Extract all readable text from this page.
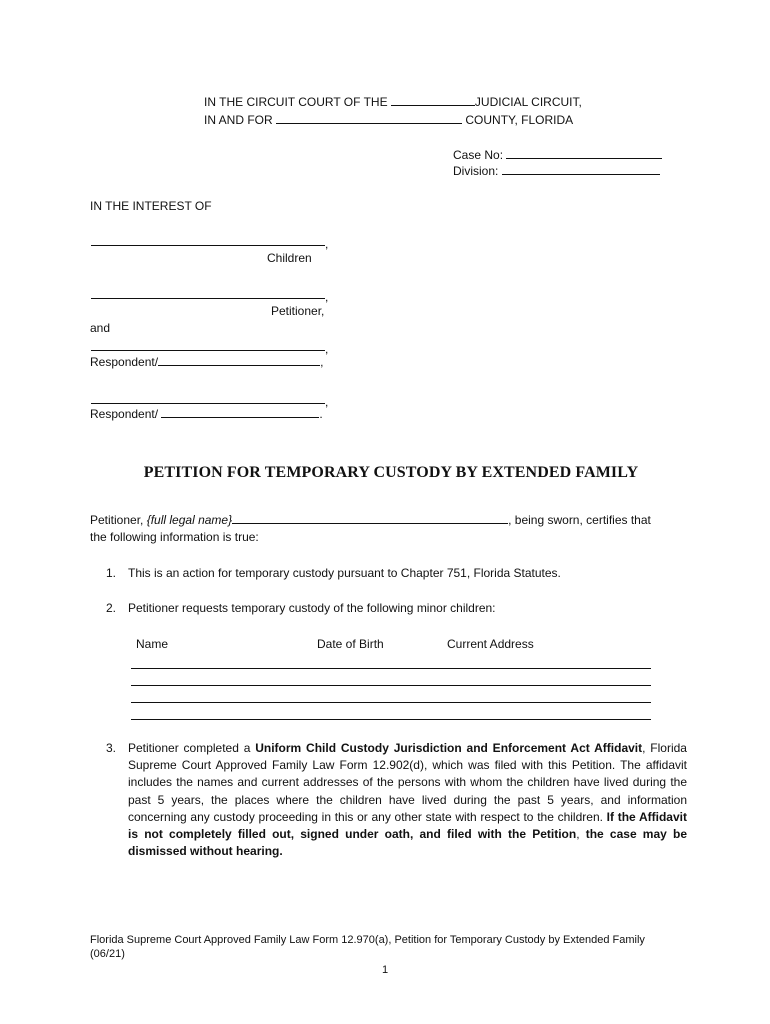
IN THE CIRCUIT COURT OF THE	JUDICIAL CIRCUIT,
IN AND FOR	COUNTY, FLORIDA
Case No:
Division:
IN THE INTEREST OF
,
Children
,
Petitioner,
and
,
Respondent/	,
,
Respondent/	.
PETITION FOR TEMPORARY CUSTODY BY EXTENDED FAMILY
Petitioner, {full legal name}	, being sworn, certifies that
the following information is true:
1. This is an action for temporary custody pursuant to Chapter 751, Florida Statutes.
2. Petitioner requests temporary custody of the following minor children:
Name	Date of Birth	Current Address
3. Petitioner completed a Uniform Child Custody Jurisdiction and Enforcement Act Affidavit, Florida Supreme Court Approved Family Law Form 12.902(d), which was filed with this Petition. The affidavit includes the names and current addresses of the persons with whom the children have lived during the past 5 years, the places where the children have lived during the past 5 years, and information concerning any custody proceeding in this or any other state with respect to the children. If the Affidavit is not completely filled out, signed under oath, and filed with the Petition, the case may be dismissed without hearing.
Florida Supreme Court Approved Family Law Form 12.970(a), Petition for Temporary Custody by Extended Family
(06/21)
1
